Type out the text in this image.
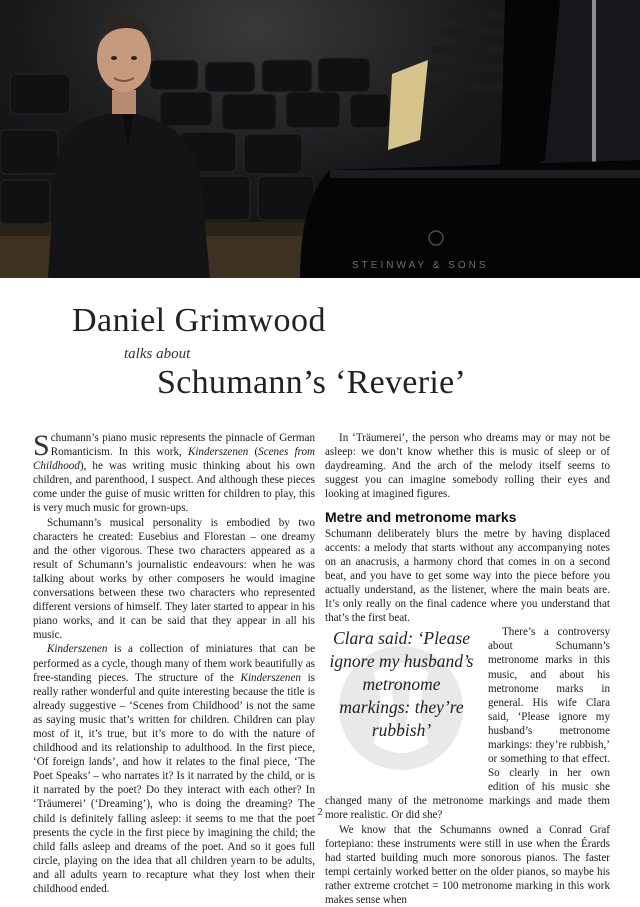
STEINWAY & SONS
Daniel Grimwood
talks about
Schumann’s ‘Reverie’

Schumann’s piano music represents the pinnacle of German Romanticism. In this work, Kinderszenen (Scenes from Childhood), he was writing music thinking about his own children, and parenthood, I suspect. And although these pieces come under the guise of music written for children to play, this is very much music for grown-ups.

Schumann’s musical personality is embodied by two characters he created: Eusebius and Florestan – one dreamy and the other vigorous. These two characters appeared as a result of Schumann’s journalistic endeavours: when he was talking about works by other composers he would imagine conversations between these two characters who represented different versions of himself. They later started to appear in his piano works, and it can be said that they appear in all his music.

Kinderszenen is a collection of miniatures that can be performed as a cycle, though many of them work beautifully as free-standing pieces. The structure of the Kinderszenen is really rather wonderful and quite interesting because the title is already suggestive – ‘Scenes from Childhood’ is not the same as saying music that’s written for children. Children can play most of it, it’s true, but it’s more to do with the nature of childhood and its relationship to adulthood. In the first piece, ‘Of foreign lands’, and how it relates to the final piece, ‘The Poet Speaks’ – who narrates it? Is it narrated by the child, or is it narrated by the poet? Do they interact with each other? In ‘Träumerei’ (‘Dreaming’), who is doing the dreaming? The child is definitely falling asleep: it seems to me that the poet presents the cycle in the first piece by imagining the child; the child falls asleep and dreams of the poet. And so it goes full circle, playing on the idea that all children yearn to be adults, and all adults yearn to recapture what they lost when their childhood ended.

In ‘Träumerei’, the person who dreams may or may not be asleep: we don’t know whether this is music of sleep or of daydreaming. And the arch of the melody itself seems to suggest you can imagine somebody rolling their eyes and looking at imagined figures.

Metre and metronome marks

Schumann deliberately blurs the metre by having displaced accents: a melody that starts without any accompanying notes on an anacrusis, a harmony chord that comes in on a second beat, and you have to get some way into the piece before you actually understand, as the listener, where the main beats are. It’s only really on the final cadence where you understand that that’s the first beat.

Clara said: ‘Please ignore my husband’s metronome markings: they’re rubbish’

There’s a controversy about Schumann’s metronome marks in this music, and about his metronome marks in general. His wife Clara said, ‘Please ignore my husband’s metronome markings: they’re rubbish,’ or something to that effect. So clearly in her own edition of his music she changed many of the metronome markings and made them more realistic. Or did she?

We know that the Schumanns owned a Conrad Graf fortepiano: these instruments were still in use when the Érards had started building much more sonorous pianos. The faster tempi certainly worked better on the older pianos, so maybe his rather extreme crotchet = 100 metronome marking in this work makes sense when

2
